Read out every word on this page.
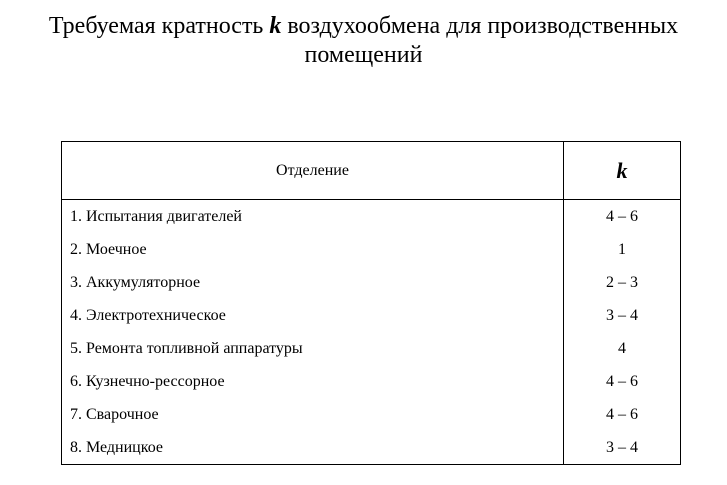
Требуемая кратность k воздухообмена для производственных
помещений
Отделение	k
1. Испытания двигателей	4 – 6
2. Моечное	1
3. Аккумуляторное	2 – 3
4. Электротехническое	3 – 4
5. Ремонта топливной аппаратуры	4
6. Кузнечно-рессорное	4 – 6
7. Сварочное	4 – 6
8. Медницкое	3 – 4
